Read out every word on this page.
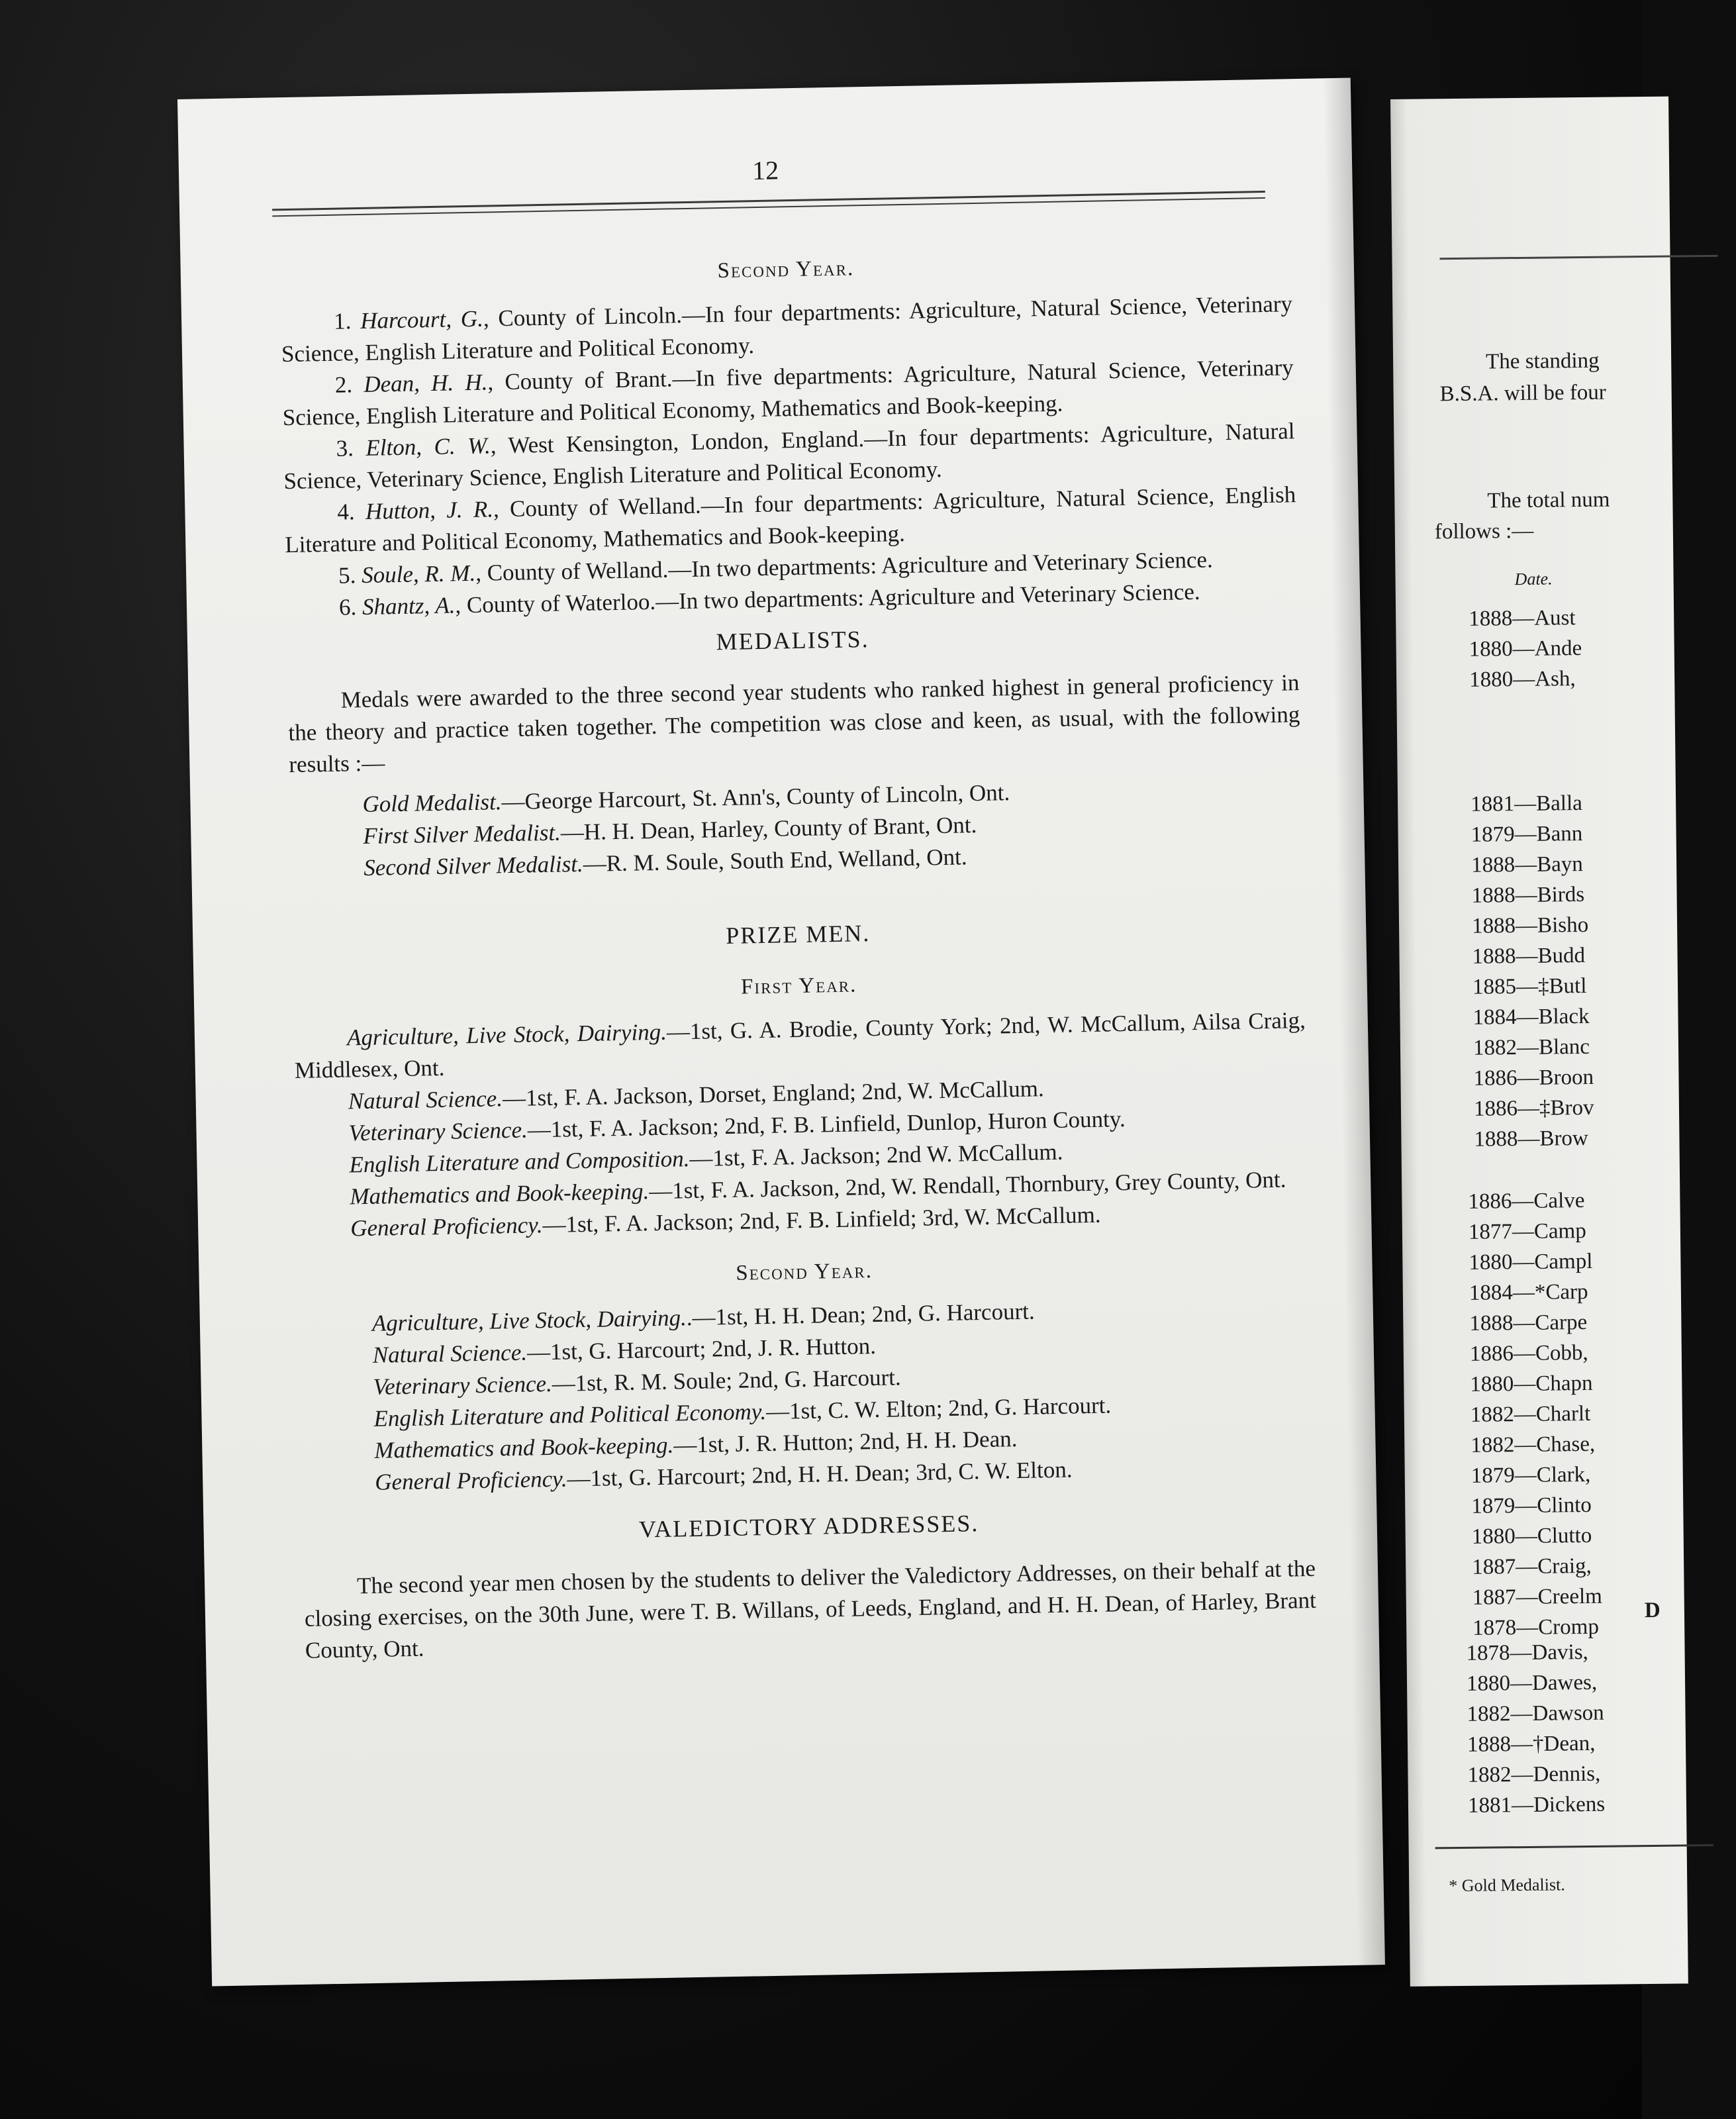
12
Second Year.

1. Harcourt, G., County of Lincoln.—In four departments: Agriculture, Natural Science, Veterinary Science, English Literature and Political Economy.

2. Dean, H. H., County of Brant.—In five departments: Agriculture, Natural Science, Veterinary Science, English Literature and Political Economy, Mathematics and Book-keeping.

3. Elton, C. W., West Kensington, London, England.—In four departments: Agriculture, Natural Science, Veterinary Science, English Literature and Political Economy.

4. Hutton, J. R., County of Welland.—In four departments: Agriculture, Natural Science, English Literature and Political Economy, Mathematics and Book-keeping.

5. Soule, R. M., County of Welland.—In two departments: Agriculture and Veterinary Science.

6. Shantz, A., County of Waterloo.—In two departments: Agriculture and Veterinary Science.

MEDALISTS.

Medals were awarded to the three second year students who ranked highest in general proficiency in the theory and practice taken together. The competition was close and keen, as usual, with the following results :—

Gold Medalist.—George Harcourt, St. Ann's, County of Lincoln, Ont.

First Silver Medalist.—H. H. Dean, Harley, County of Brant, Ont.

Second Silver Medalist.—R. M. Soule, South End, Welland, Ont.

PRIZE MEN.
First Year.

Agriculture, Live Stock, Dairying.—1st, G. A. Brodie, County York; 2nd, W. McCallum, Ailsa Craig, Middlesex, Ont.

Natural Science.—1st, F. A. Jackson, Dorset, England; 2nd, W. McCallum.

Veterinary Science.—1st, F. A. Jackson; 2nd, F. B. Linfield, Dunlop, Huron County.

English Literature and Composition.—1st, F. A. Jackson; 2nd W. McCallum.

Mathematics and Book-keeping.—1st, F. A. Jackson, 2nd, W. Rendall, Thornbury, Grey County, Ont.

General Proficiency.—1st, F. A. Jackson; 2nd, F. B. Linfield; 3rd, W. McCallum.

Second Year.

Agriculture, Live Stock, Dairying..—1st, H. H. Dean; 2nd, G. Harcourt.

Natural Science.—1st, G. Harcourt; 2nd, J. R. Hutton.

Veterinary Science.—1st, R. M. Soule; 2nd, G. Harcourt.

English Literature and Political Economy.—1st, C. W. Elton; 2nd, G. Harcourt.

Mathematics and Book-keeping.—1st, J. R. Hutton; 2nd, H. H. Dean.

General Proficiency.—1st, G. Harcourt; 2nd, H. H. Dean; 3rd, C. W. Elton.

VALEDICTORY ADDRESSES.

The second year men chosen by the students to deliver the Valedictory Addresses, on their behalf at the closing exercises, on the 30th June, were T. B. Willans, of Leeds, England, and H. H. Dean, of Harley, Brant County, Ont.

The standing
B.S.A. will be four
The total num
follows :—
Date.
1888—Aust
1880—Ande
1880—Ash,
1881—Balla
1879—Bann
1888—Bayn
1888—Birds
1888—Bisho
1888—Budd
1885—‡Butl
1884—Black
1882—Blanc
1886—Broon
1886—‡Brov
1888—Brow
1886—Calve
1877—Camp
1880—Campl
1884—*Carp
1888—Carpe
1886—Cobb,
1880—Chapn
1882—Charlt
1882—Chase,
1879—Clark,
1879—Clinto
1880—Clutto
1887—Craig,
1887—Creelm
1878—Cromp
D
1878—Davis,
1880—Dawes,
1882—Dawson
1888—†Dean,
1882—Dennis,
1881—Dickens
* Gold Medalist.
